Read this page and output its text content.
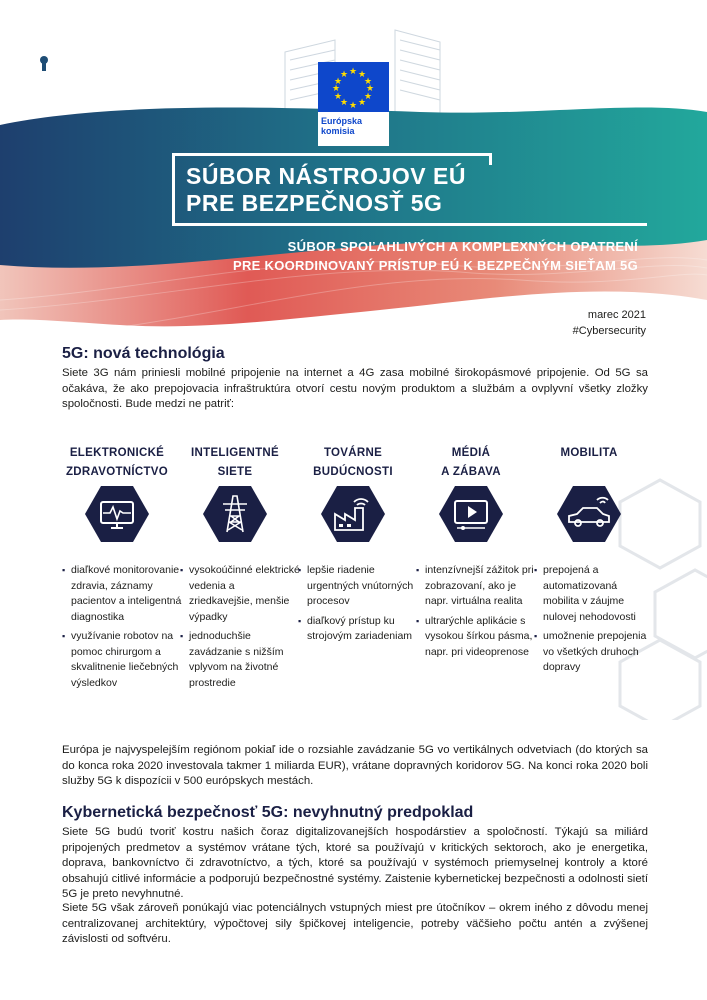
★ ★
★
★
★
★
★
★
★
★
★
★
Európska
komisia
SÚBOR NÁSTROJOV EÚ
PRE BEZPEČNOSŤ 5G
SÚBOR SPOĽAHLIVÝCH A KOMPLEXNÝCH OPATRENÍ
PRE KOORDINOVANÝ PRÍSTUP EÚ K BEZPEČNÝM SIEŤAM 5G
marec 2021
#Cybersecurity
5G: nová technológia

Siete 3G nám priniesli mobilné pripojenie na internet a 4G zasa mobilné širokopásmové pripojenie. Od 5G sa očakáva, že ako prepojovacia infraštruktúra otvorí cestu novým produktom a službám a ovplyvní všetky zložky spoločnosti. Bude medzi ne patriť:

ELEKTRONICKÉ
ZDRAVOTNÍCTVO
▪ diaľkové monitorovanie zdravia, záznamy pacientov a inteligentná diagnostika
▪ využívanie robotov na pomoc chirurgom a skvalitnenie liečebných výsledkov
INTELIGENTNÉ
SIETE
▪ vysokoúčinné elektrické vedenia a zriedkavejšie, menšie výpadky
▪ jednoduchšie zavádzanie s nižším vplyvom na životné prostredie
TOVÁRNE
BUDÚCNOSTI
▪ lepšie riadenie urgentných vnútorných procesov
▪ diaľkový prístup ku strojovým zariadeniam
MÉDIÁ
A ZÁBAVA
▪ intenzívnejší zážitok pri zobrazovaní, ako je napr. virtuálna realita
▪ ultrarýchle aplikácie s vysokou šírkou pásma, napr. pri videoprenose
MOBILITA
▪ prepojená a automatizovaná mobilita v záujme nulovej nehodovosti
▪ umožnenie prepojenia vo všetkých druhoch dopravy

Európa je najvyspelejším regiónom pokiaľ ide o rozsiahle zavádzanie 5G vo vertikálnych odvetviach (do ktorých sa do konca roka 2020 investovala takmer 1 miliarda EUR), vrátane dopravných koridorov 5G. Na konci roka 2020 boli služby 5G k dispozícii v 500 európskych mestách.

Kybernetická bezpečnosť 5G: nevyhnutný predpoklad

Siete 5G budú tvoriť kostru našich čoraz digitalizovanejších hospodárstiev a spoločností. Týkajú sa miliárd pripojených predmetov a systémov vrátane tých, ktoré sa používajú v kritických sektoroch, ako je energetika, doprava, bankovníctvo či zdravotníctvo, a tých, ktoré sa používajú v systémoch priemyselnej kontroly a ktoré obsahujú citlivé informácie a podporujú bezpečnostné systémy. Zaistenie kybernetickej bezpečnosti a odolnosti sietí 5G je preto nevyhnutné.

Siete 5G však zároveň ponúkajú viac potenciálnych vstupných miest pre útočníkov – okrem iného z dôvodu menej centralizovanej architektúry, výpočtovej sily špičkovej inteligencie, potreby väčšieho počtu antén a zvýšenej závislosti od softvéru.
